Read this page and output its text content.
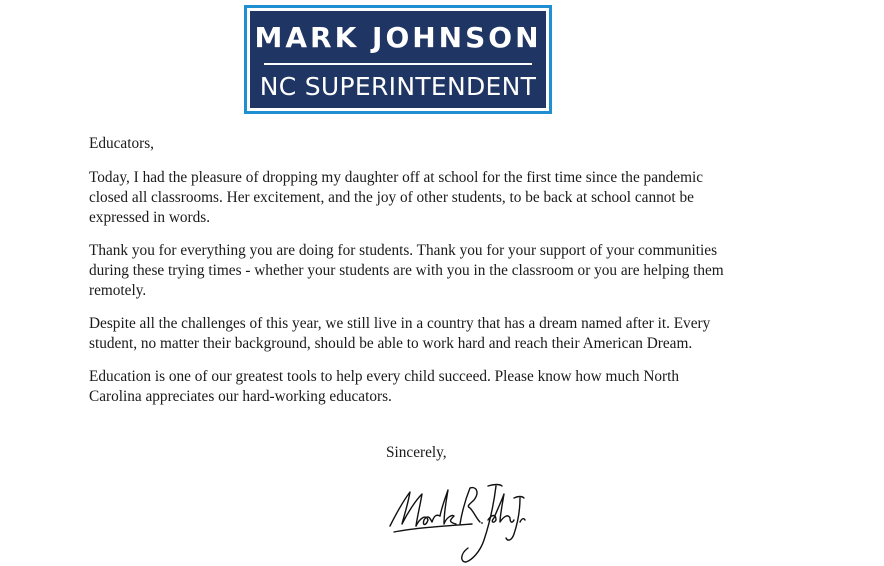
MARK JOHNSON
NC SUPERINTENDENT

Educators,

Today, I had the pleasure of dropping my daughter off at school for the first time since the pandemic closed all classrooms. Her excitement, and the joy of other students, to be back at school cannot be expressed in words.

Thank you for everything you are doing for students. Thank you for your support of your communities during these trying times - whether your students are with you in the classroom or you are helping them remotely.

Despite all the challenges of this year, we still live in a country that has a dream named after it. Every student, no matter their background, should be able to work hard and reach their American Dream.

Education is one of our greatest tools to help every child succeed. Please know how much North Carolina appreciates our hard-working educators.

Sincerely,
